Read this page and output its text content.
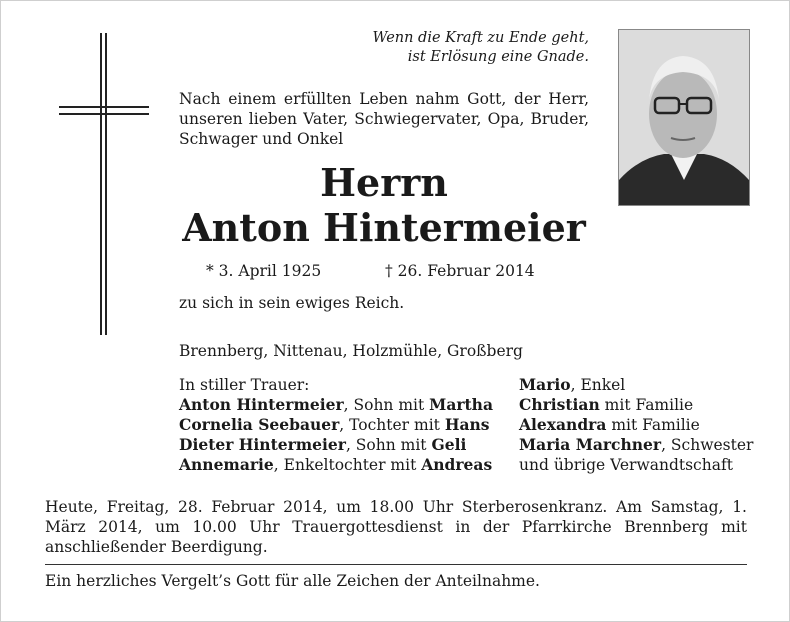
Wenn die Kraft zu Ende geht,
ist Erlösung eine Gnade.
Nach einem erfüllten Leben nahm Gott, der Herr, unseren lieben Vater, Schwiegervater, Opa, Bruder, Schwager und Onkel
Herrn
Anton Hintermeier
* 3. April 1925	† 26. Februar 2014
zu sich in sein ewiges Reich.
Brennberg, Nittenau, Holzmühle, Großberg
In stiller Trauer:
Anton Hintermeier, Sohn mit Martha
Cornelia Seebauer, Tochter mit Hans
Dieter Hintermeier, Sohn mit Geli
Annemarie, Enkeltochter mit Andreas
Mario, Enkel
Christian mit Familie
Alexandra mit Familie
Maria Marchner, Schwester
und übrige Verwandtschaft
Heute, Freitag, 28. Februar 2014, um 18.00 Uhr Sterberosenkranz. Am Samstag, 1. März 2014, um 10.00 Uhr Trauergottesdienst in der Pfarrkirche Brennberg mit anschließender Beerdigung.
Ein herzliches Vergelt’s Gott für alle Zeichen der Anteilnahme.
